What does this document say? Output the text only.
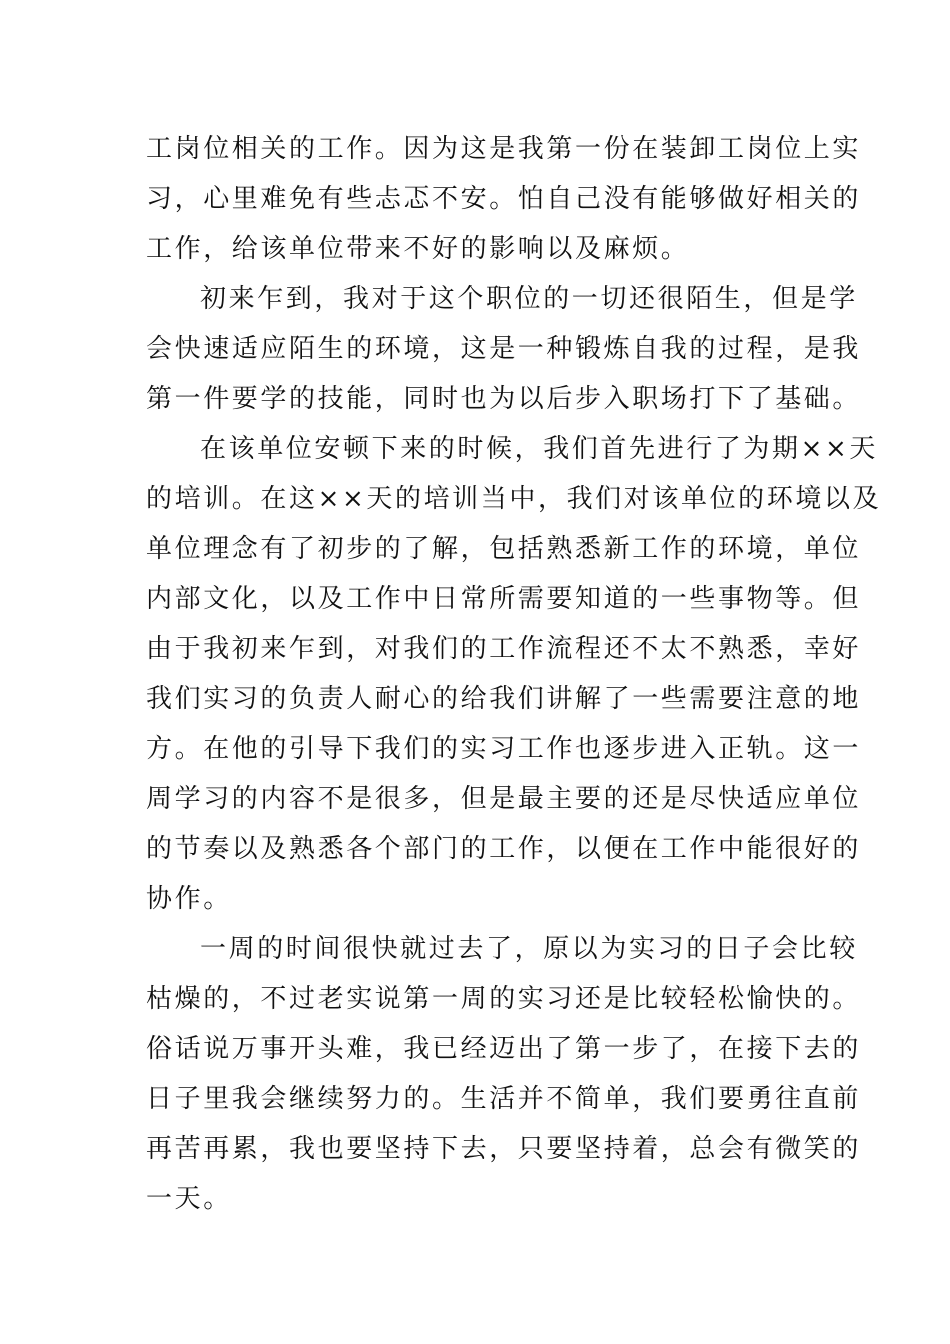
工岗位相关的工作。因为这是我第一份在装卸工岗位上实
习，心里难免有些忐忑不安。怕自己没有能够做好相关的
工作，给该单位带来不好的影响以及麻烦。
初来乍到，我对于这个职位的一切还很陌生，但是学
会快速适应陌生的环境，这是一种锻炼自我的过程，是我
第一件要学的技能，同时也为以后步入职场打下了基础。
在该单位安顿下来的时候，我们首先进行了为期××天
的培训。在这××天的培训当中，我们对该单位的环境以及
单位理念有了初步的了解，包括熟悉新工作的环境，单位
内部文化，以及工作中日常所需要知道的一些事物等。但
由于我初来乍到，对我们的工作流程还不太不熟悉，幸好
我们实习的负责人耐心的给我们讲解了一些需要注意的地
方。在他的引导下我们的实习工作也逐步进入正轨。这一
周学习的内容不是很多，但是最主要的还是尽快适应单位
的节奏以及熟悉各个部门的工作，以便在工作中能很好的
协作。
一周的时间很快就过去了，原以为实习的日子会比较
枯燥的，不过老实说第一周的实习还是比较轻松愉快的。
俗话说万事开头难，我已经迈出了第一步了，在接下去的
日子里我会继续努力的。生活并不简单，我们要勇往直前
再苦再累，我也要坚持下去，只要坚持着，总会有微笑的
一天。
